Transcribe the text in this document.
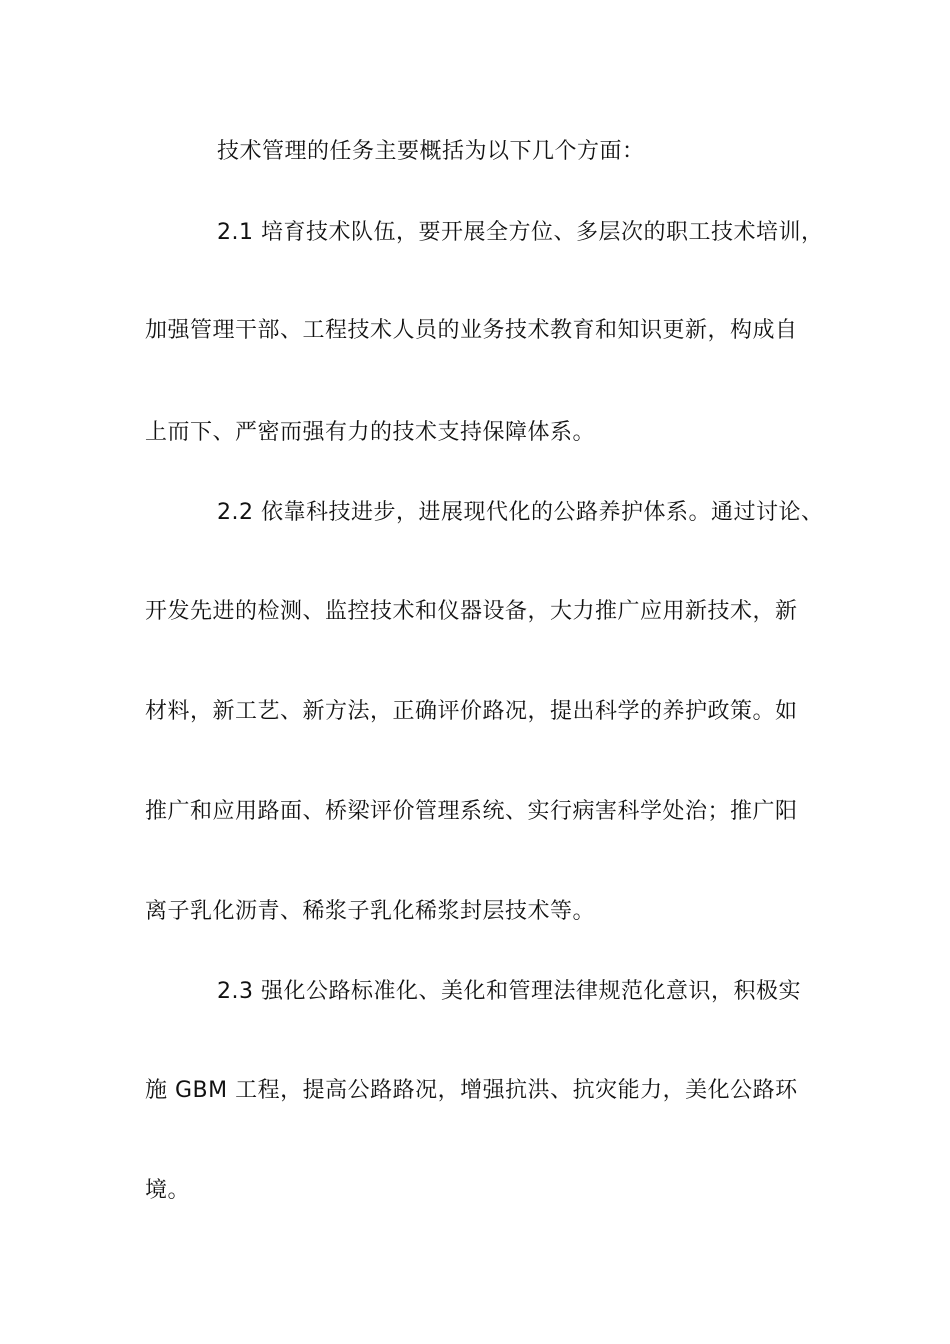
技术管理的任务主要概括为以下几个方面：
2.1 培育技术队伍，要开展全方位、多层次的职工技术培训，
加强管理干部、工程技术人员的业务技术教育和知识更新，构成自
上而下、严密而强有力的技术支持保障体系。
2.2 依靠科技进步，进展现代化的公路养护体系。通过讨论、
开发先进的检测、监控技术和仪器设备，大力推广应用新技术，新
材料，新工艺、新方法，正确评价路况，提出科学的养护政策。如
推广和应用路面、桥梁评价管理系统、实行病害科学处治；推广阳
离子乳化沥青、稀浆子乳化稀浆封层技术等。
2.3 强化公路标准化、美化和管理法律规范化意识，积极实
施 GBM 工程，提高公路路况，增强抗洪、抗灾能力，美化公路环
境。
